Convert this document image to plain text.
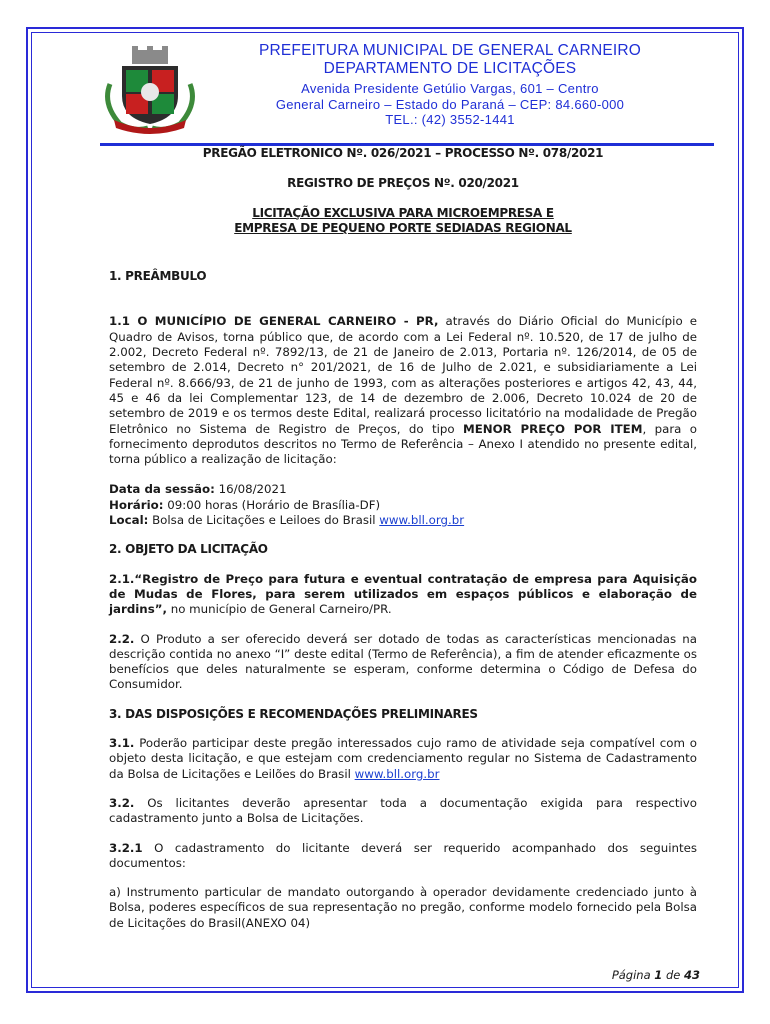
PREFEITURA MUNICIPAL DE GENERAL CARNEIRO
DEPARTAMENTO DE LICITAÇÕES
Avenida Presidente Getúlio Vargas, 601 – Centro
General Carneiro – Estado do Paraná – CEP: 84.660-000
TEL.: (42) 3552-1441

PREGÃO ELETRONICO Nº. 026/2021 – PROCESSO Nº. 078/2021

REGISTRO DE PREÇOS Nº. 020/2021

LICITAÇÃO EXCLUSIVA PARA MICROEMPRESA E

EMPRESA DE PEQUENO PORTE SEDIADAS REGIONAL

1. PREÂMBULO

1.1 O MUNICÍPIO DE GENERAL CARNEIRO - PR, através do Diário Oficial do Município e Quadro de Avisos, torna público que, de acordo com a Lei Federal nº. 10.520, de 17 de julho de 2.002, Decreto Federal nº. 7892/13, de 21 de Janeiro de 2.013, Portaria nº. 126/2014, de 05 de setembro de 2.014, Decreto n° 201/2021, de 16 de Julho de 2.021, e subsidiariamente a Lei Federal nº. 8.666/93, de 21 de junho de 1993, com as alterações posteriores e artigos 42, 43, 44, 45 e 46 da lei Complementar 123, de 14 de dezembro de 2.006, Decreto 10.024 de 20 de setembro de 2019 e os termos deste Edital, realizará processo licitatório na modalidade de Pregão Eletrônico no Sistema de Registro de Preços, do tipo MENOR PREÇO POR ITEM, para o fornecimento deprodutos descritos no Termo de Referência – Anexo I atendido no presente edital, torna público a realização de licitação:

Data da sessão: 16/08/2021

Horário: 09:00 horas (Horário de Brasília-DF)

Local: Bolsa de Licitações e Leiloes do Brasil www.bll.org.br

2. OBJETO DA LICITAÇÃO

2.1.“Registro de Preço para futura e eventual contratação de empresa para Aquisição de Mudas de Flores, para serem utilizados em espaços públicos e elaboração de jardins”, no município de General Carneiro/PR.

2.2. O Produto a ser oferecido deverá ser dotado de todas as características mencionadas na descrição contida no anexo “I” deste edital (Termo de Referência), a fim de atender eficazmente os benefícios que deles naturalmente se esperam, conforme determina o Código de Defesa do Consumidor.

3. DAS DISPOSIÇÕES E RECOMENDAÇÕES PRELIMINARES

3.1. Poderão participar deste pregão interessados cujo ramo de atividade seja compatível com o objeto desta licitação, e que estejam com credenciamento regular no Sistema de Cadastramento da Bolsa de Licitações e Leilões do Brasil www.bll.org.br

3.2. Os licitantes deverão apresentar toda a documentação exigida para respectivo cadastramento junto a Bolsa de Licitações.

3.2.1 O cadastramento do licitante deverá ser requerido acompanhado dos seguintes documentos:

a) Instrumento particular de mandato outorgando à operador devidamente credenciado junto à Bolsa, poderes específicos de sua representação no pregão, conforme modelo fornecido pela Bolsa de Licitações do Brasil(ANEXO 04)

Página 1 de 43
